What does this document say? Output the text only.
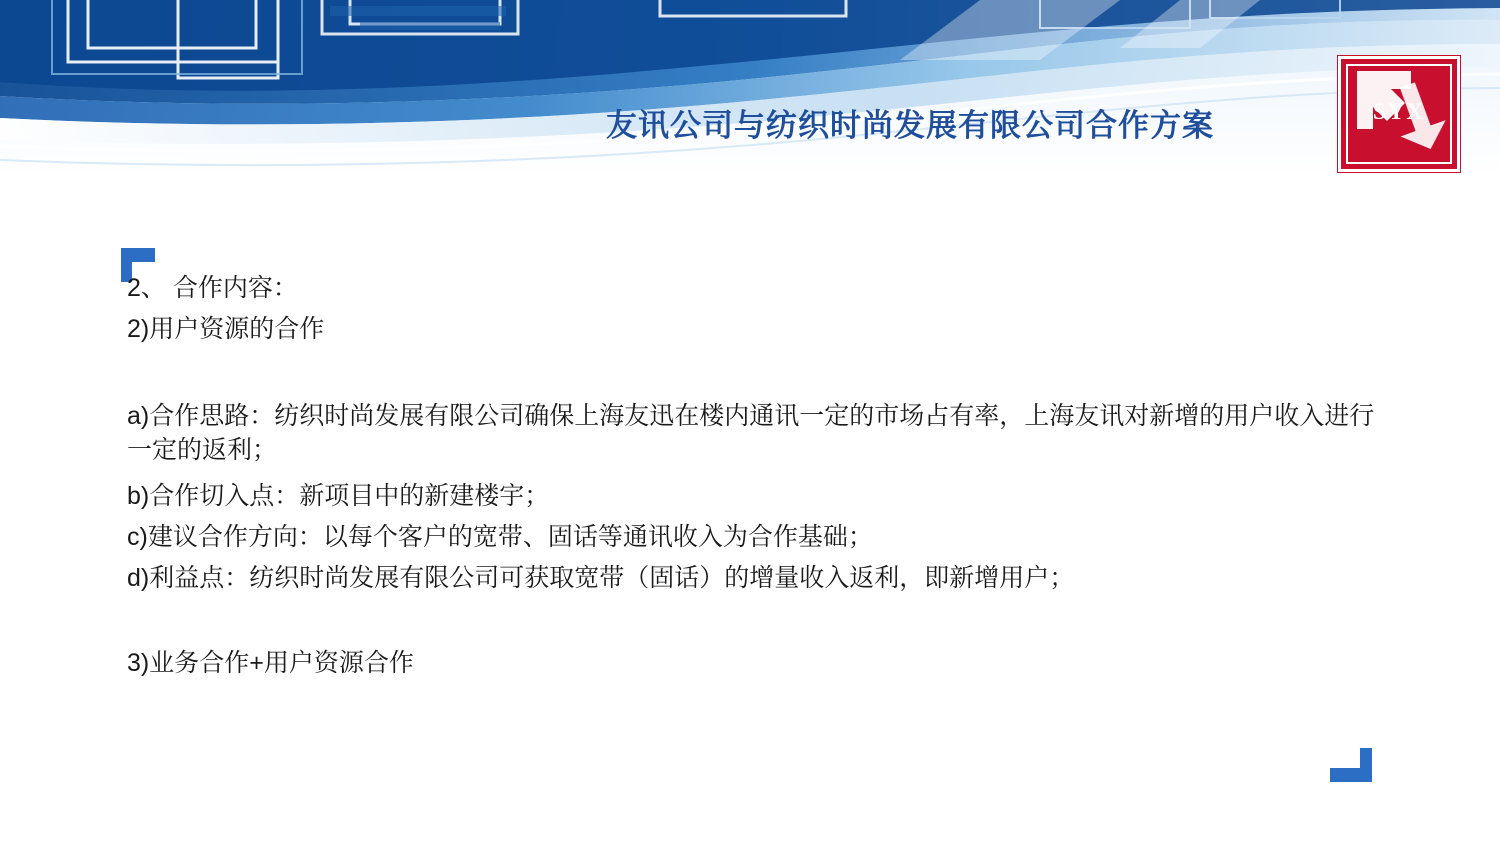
友讯公司与纺织时尚发展有限公司合作方案	SYX
2、 合作内容：
2)用户资源的合作
a)合作思路：纺织时尚发展有限公司确保上海友迅在楼内通讯一定的市场占有率，上海友讯对新增的用户收入进行一定的返利；
b)合作切入点：新项目中的新建楼宇；
c)建议合作方向：以每个客户的宽带、固话等通讯收入为合作基础；
d)利益点：纺织时尚发展有限公司可获取宽带（固话）的增量收入返利，即新增用户；
3)业务合作+用户资源合作
